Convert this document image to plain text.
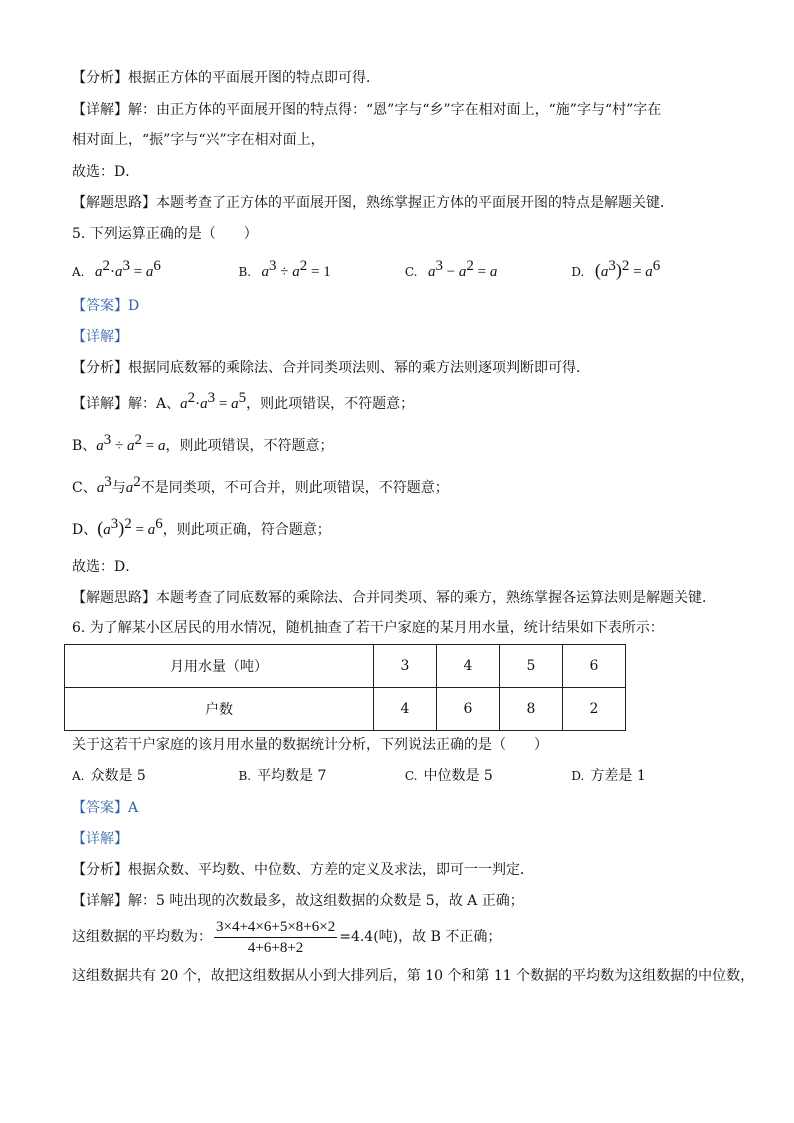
【分析】根据正方体的平面展开图的特点即可得．
【详解】解：由正方体的平面展开图的特点得：“恩”字与“乡”字在相对面上，“施”字与“村”字在
相对面上，“振”字与“兴”字在相对面上，
故选：D．
【解题思路】本题考查了正方体的平面展开图，熟练掌握正方体的平面展开图的特点是解题关键．
5. 下列运算正确的是（　　）
A. $a^2\cdot a^3 = a^6$	B. $a^3 \div a^2 = 1$	C. $a^3 - a^2 = a$	D. $(a^3)^2 = a^6$
【答案】D
【详解】
【分析】根据同底数幂的乘除法、合并同类项法则、幂的乘方法则逐项判断即可得．
【详解】解：A、$a^2\cdot a^3 = a^5$，则此项错误，不符题意；
B、$a^3 \div a^2 = a$，则此项错误，不符题意；
C、$a^3$与$a^2$不是同类项，不可合并，则此项错误，不符题意；
D、$(a^3)^2 = a^6$，则此项正确，符合题意；
故选：D．
【解题思路】本题考查了同底数幂的乘除法、合并同类项、幂的乘方，熟练掌握各运算法则是解题关键．
6. 为了解某小区居民的用水情况，随机抽查了若干户家庭的某月用水量，统计结果如下表所示：
月用水量（吨）	3	4	5	6
户数	4	6	8	2
关于这若干户家庭的该月用水量的数据统计分析，下列说法正确的是（　　）
A. 众数是 5	B. 平均数是 7	C. 中位数是 5	D. 方差是 1
【答案】A
【详解】
【分析】根据众数、平均数、中位数、方差的定义及求法，即可一一判定．
【详解】解：5 吨出现的次数最多，故这组数据的众数是 5，故 A 正确；
这组数据的平均数为： $\frac{3\times 4+4\times 6+5\times 8+6\times 2}{4+6+8+2} =4.4$(吨)，故 B 不正确；
这组数据共有 20 个，故把这组数据从小到大排列后，第 10 个和第 11 个数据的平均数为这组数据的中位数，
